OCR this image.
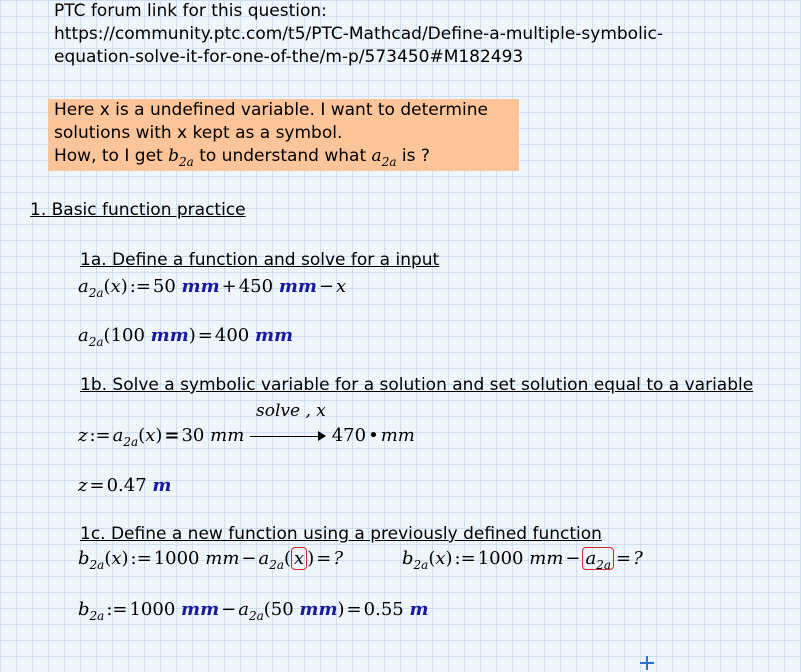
PTC forum link for this question:
https://community.ptc.com/t5/PTC-Mathcad/Define-a-multiple-symbolic-
equation-solve-it-for-one-of-the/m-p/573450#M182493
Here x is a undefined variable. I want to determine
solutions with x kept as a symbol.
How, to I get $b_{2a}$ to understand what $a_{2a}$ is ?
1. Basic function practice
1a. Define a function and solve for a input
$a_{2a}(x)$ := 50 mm + 450 mm − x
$a_{2a}(100$ mm) = 400 mm
1b. Solve a symbolic variable for a solution and set solution equal to a variable
z := $a_{2a}(x) = 30$ mm
solve , x
470 • mm
z = 0.47 m
1c. Define a new function using a previously defined function
$b_{2a}(x)$ := 1000 mm − $a_{2a}$( x ) = ?	$b_{2a}(x)$ := 1000 mm − $a_{2a}$ = ?
$b_{2a}$ := 1000 mm − $a_{2a}(50$ mm) = 0.55 m
